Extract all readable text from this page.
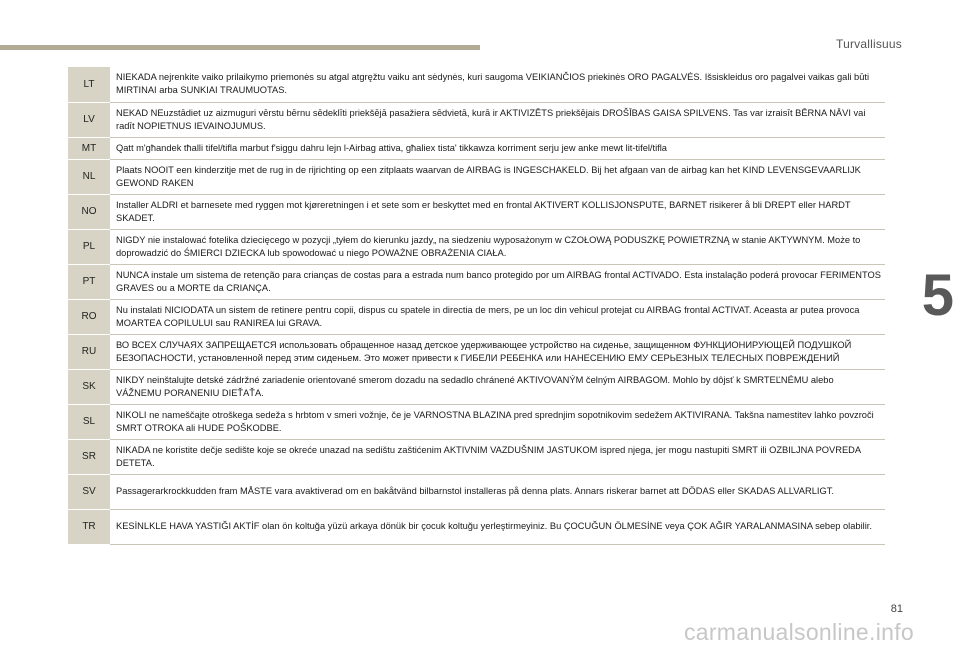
Turvallisuus
5
LT	NIEKADA nejrenkite vaiko prilaikymo priemonės su atgal atgręžtu vaiku ant sėdynės, kuri saugoma VEIKIANČIOS priekinės ORO PAGALVĖS. Išsiskleidus oro pagalvei vaikas gali būti MIRTINAI arba SUNKIAI TRAUMUOTAS.
LV	NEKAD NEuzstādiet uz aizmuguri vērstu bērnu sēdeklīti priekšējā pasažiera sēdvietā, kurā ir AKTIVIZĒTS priekšējais DROŠĪBAS GAISA SPILVENS. Tas var izraisīt BĒRNA NĀVI vai radīt NOPIETNUS IEVAINOJUMUS.
MT	Qatt m'għandek tħalli tifel/tifla marbut f'siggu dahru lejn l-Airbag attiva, għaliex tista' tikkawza korriment serju jew anke mewt lit-tifel/tifla
NL	Plaats NOOIT een kinderzitje met de rug in de rijrichting op een zitplaats waarvan de AIRBAG is INGESCHAKELD. Bij het afgaan van de airbag kan het KIND LEVENSGEVAARLIJK GEWOND RAKEN
NO	Installer ALDRI et barnesete med ryggen mot kjøreretningen i et sete som er beskyttet med en frontal AKTIVERT KOLLISJONSPUTE, BARNET risikerer å bli DREPT eller HARDT SKADET.
PL	NIGDY nie instalować fotelika dziecięcego w pozycji „tyłem do kierunku jazdy„ na siedzeniu wyposażonym w CZOŁOWĄ PODUSZKĘ POWIETRZNĄ w stanie AKTYWNYM. Może to doprowadzić do ŚMIERCI DZIECKA lub spowodować u niego POWAŻNE OBRAŻENIA CIAŁA.
PT	NUNCA instale um sistema de retenção para crianças de costas para a estrada num banco protegido por um AIRBAG frontal ACTIVADO. Esta instalação poderá provocar FERIMENTOS GRAVES ou a MORTE da CRIANÇA.
RO	Nu instalati NICIODATA un sistem de retinere pentru copii, dispus cu spatele in directia de mers, pe un loc din vehicul protejat cu AIRBAG frontal ACTIVAT. Aceasta ar putea provoca MOARTEA COPILULUI sau RANIREA lui GRAVA.
RU	ВО ВСЕХ СЛУЧАЯХ ЗАПРЕЩАЕТСЯ использовать обращенное назад детское удерживающее устройство на сиденье, защищенном ФУНКЦИОНИРУЮЩЕЙ ПОДУШКОЙ БЕЗОПАСНОСТИ, установленной перед этим сиденьем. Это может привести к ГИБЕЛИ РЕБЕНКА или НАНЕСЕНИЮ ЕМУ СЕРЬЕЗНЫХ ТЕЛЕСНЫХ ПОВРЕЖДЕНИЙ
SK	NIKDY neinštalujte detské zádržné zariadenie orientované smerom dozadu na sedadlo chránené AKTIVOVANÝM čelným AIRBAGOM. Mohlo by dôjsť k SMRTEĽNÉMU alebo VÁŽNEMU PORANENIU DIEŤAŤA.
SL	NIKOLI ne nameščajte otroškega sedeža s hrbtom v smeri vožnje, če je VARNOSTNA BLAZINA pred sprednjim sopotnikovim sedežem AKTIVIRANA. Takšna namestitev lahko povzroči SMRT OTROKA ali HUDE POŠKODBE.
SR	NIKADA ne koristite dečje sedište koje se okreće unazad na sedištu zaštićenim AKTIVNIM VAZDUŠNIM JASTUKOM ispred njega, jer mogu nastupiti SMRT ili OZBILJNA POVREDA DETETA.
SV	Passagerarkrockkudden fram MÅSTE vara avaktiverad om en bakåtvänd bilbarnstol installeras på denna plats. Annars riskerar barnet att DÖDAS eller SKADAS ALLVARLIGT.
TR	KESİNLKLE HAVA YASTIĞI AKTİF olan ön koltuğa yüzü arkaya dönük bir çocuk koltuğu yerleştirmeyiniz. Bu ÇOCUĞUN ÖLMESİNE veya ÇOK AĞIR YARALANMASINA sebep olabilir.
81
carmanualsonline.info
